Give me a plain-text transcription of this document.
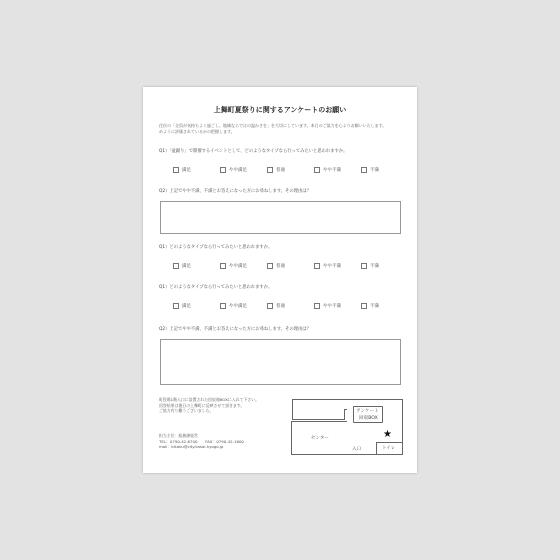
上舞町夏祭りに関するアンケートのお願い
住民の「全員が気持ちよく過ごし、地域ならではの温かさを」を大切にしています。本日のご協力を心よりお願いいたします。
めように評価されているかの把握します。
Q1）「盆踊り」で開催するイベントとして、どのようなタイプなら行ってみたいと思われますか。
満足	やや満足	普通	やや不満	不満
Q2）上記でやや不満、不満とお答えになった方にお尋ねします。その理由は？
Q1）どのようなタイプなら行ってみたいと思われますか。
満足	やや満足	普通	やや不満	不満
Q1）どのようなタイプなら行ってみたいと思われますか。
満足	やや満足	普通	やや不満	不満
Q2）上記でやや不満、不満とお答えになった方にお尋ねします。その理由は？
町役場1階入口に設置された回収箱BOXに入れて下さい。
回答結果は後日の上舞町に反映させて頂きます。
ご協力有り難うございました。
担当主任：総務課経営
TEL：0790-42-6700　　FAX：0790-42-1600
mail：kikaku@city.kasai.hyogo.jp
センター
入口
アンケート
回収BOX
★
トイレ
